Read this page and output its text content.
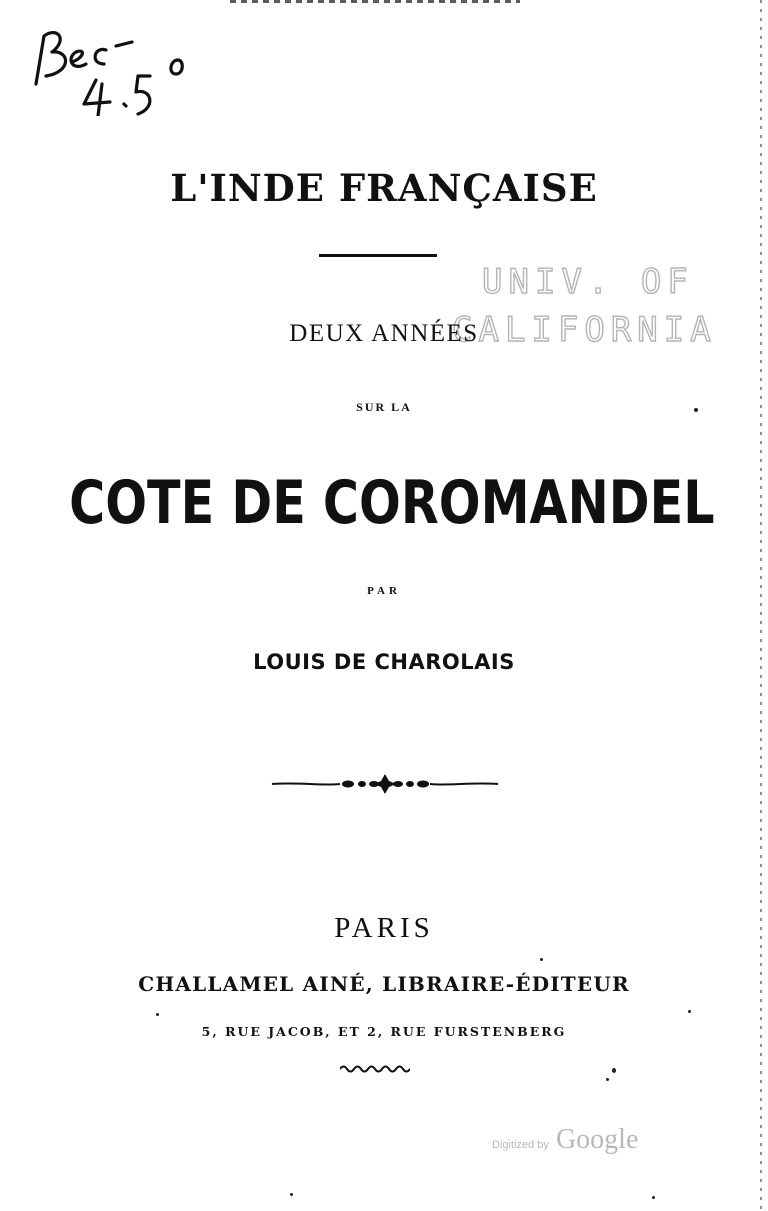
L'INDE FRANÇAISE
UNIV. OF
CALIFORNIA
DEUX ANNÉES
SUR LA
COTE DE COROMANDEL
PAR
LOUIS DE CHAROLAIS
PARIS
CHALLAMEL AINÉ, LIBRAIRE-ÉDITEUR
5, RUE JACOB, ET 2, RUE FURSTENBERG
Digitized by Google
